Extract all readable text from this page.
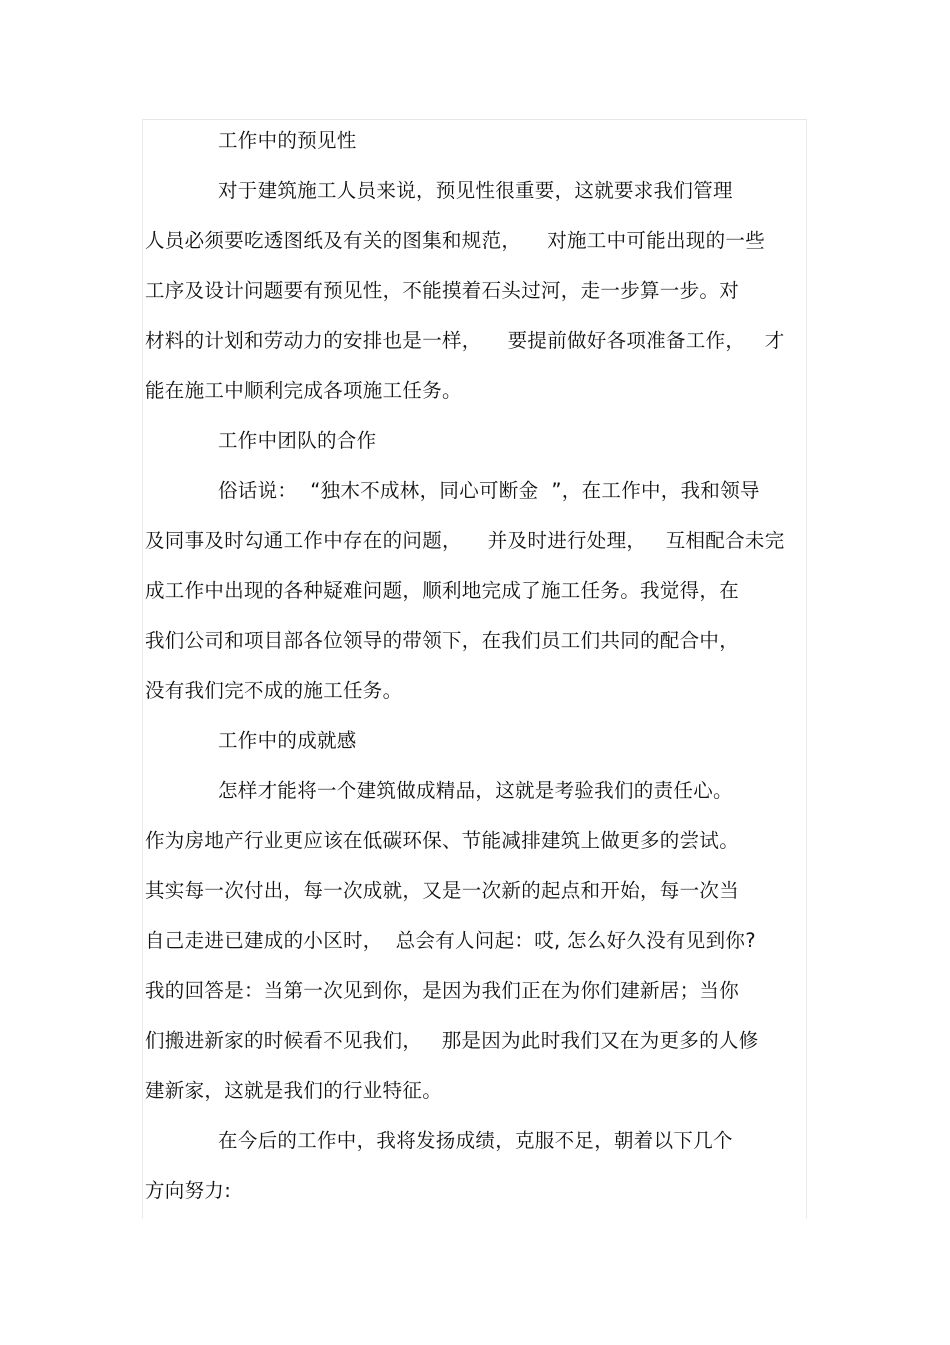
工作中的预见性
对于建筑施工人员来说，预见性很重要，这就要求我们管理
人员必须要吃透图纸及有关的图集和规范，    对施工中可能出现的一些
工序及设计问题要有预见性，不能摸着石头过河，走一步算一步。对
材料的计划和劳动力的安排也是一样，    要提前做好各项准备工作，   才
能在施工中顺利完成各项施工任务。
工作中团队的合作
俗话说：  “独木不成林，同心可断金  ”，在工作中，我和领导
及同事及时勾通工作中存在的问题，    并及时进行处理，   互相配合未完
成工作中出现的各种疑难问题，顺利地完成了施工任务。我觉得，在
我们公司和项目部各位领导的带领下，在我们员工们共同的配合中，
没有我们完不成的施工任务。
工作中的成就感
怎样才能将一个建筑做成精品，这就是考验我们的责任心。
作为房地产行业更应该在低碳环保、节能减排建筑上做更多的尝试。
其实每一次付出，每一次成就，又是一次新的起点和开始，每一次当
自己走进已建成的小区时，  总会有人问起：哎, 怎么好久没有见到你?
我的回答是：当第一次见到你，是因为我们正在为你们建新居；当你
们搬进新家的时候看不见我们，   那是因为此时我们又在为更多的人修
建新家，这就是我们的行业特征。
在今后的工作中，我将发扬成绩，克服不足，朝着以下几个
方向努力:
